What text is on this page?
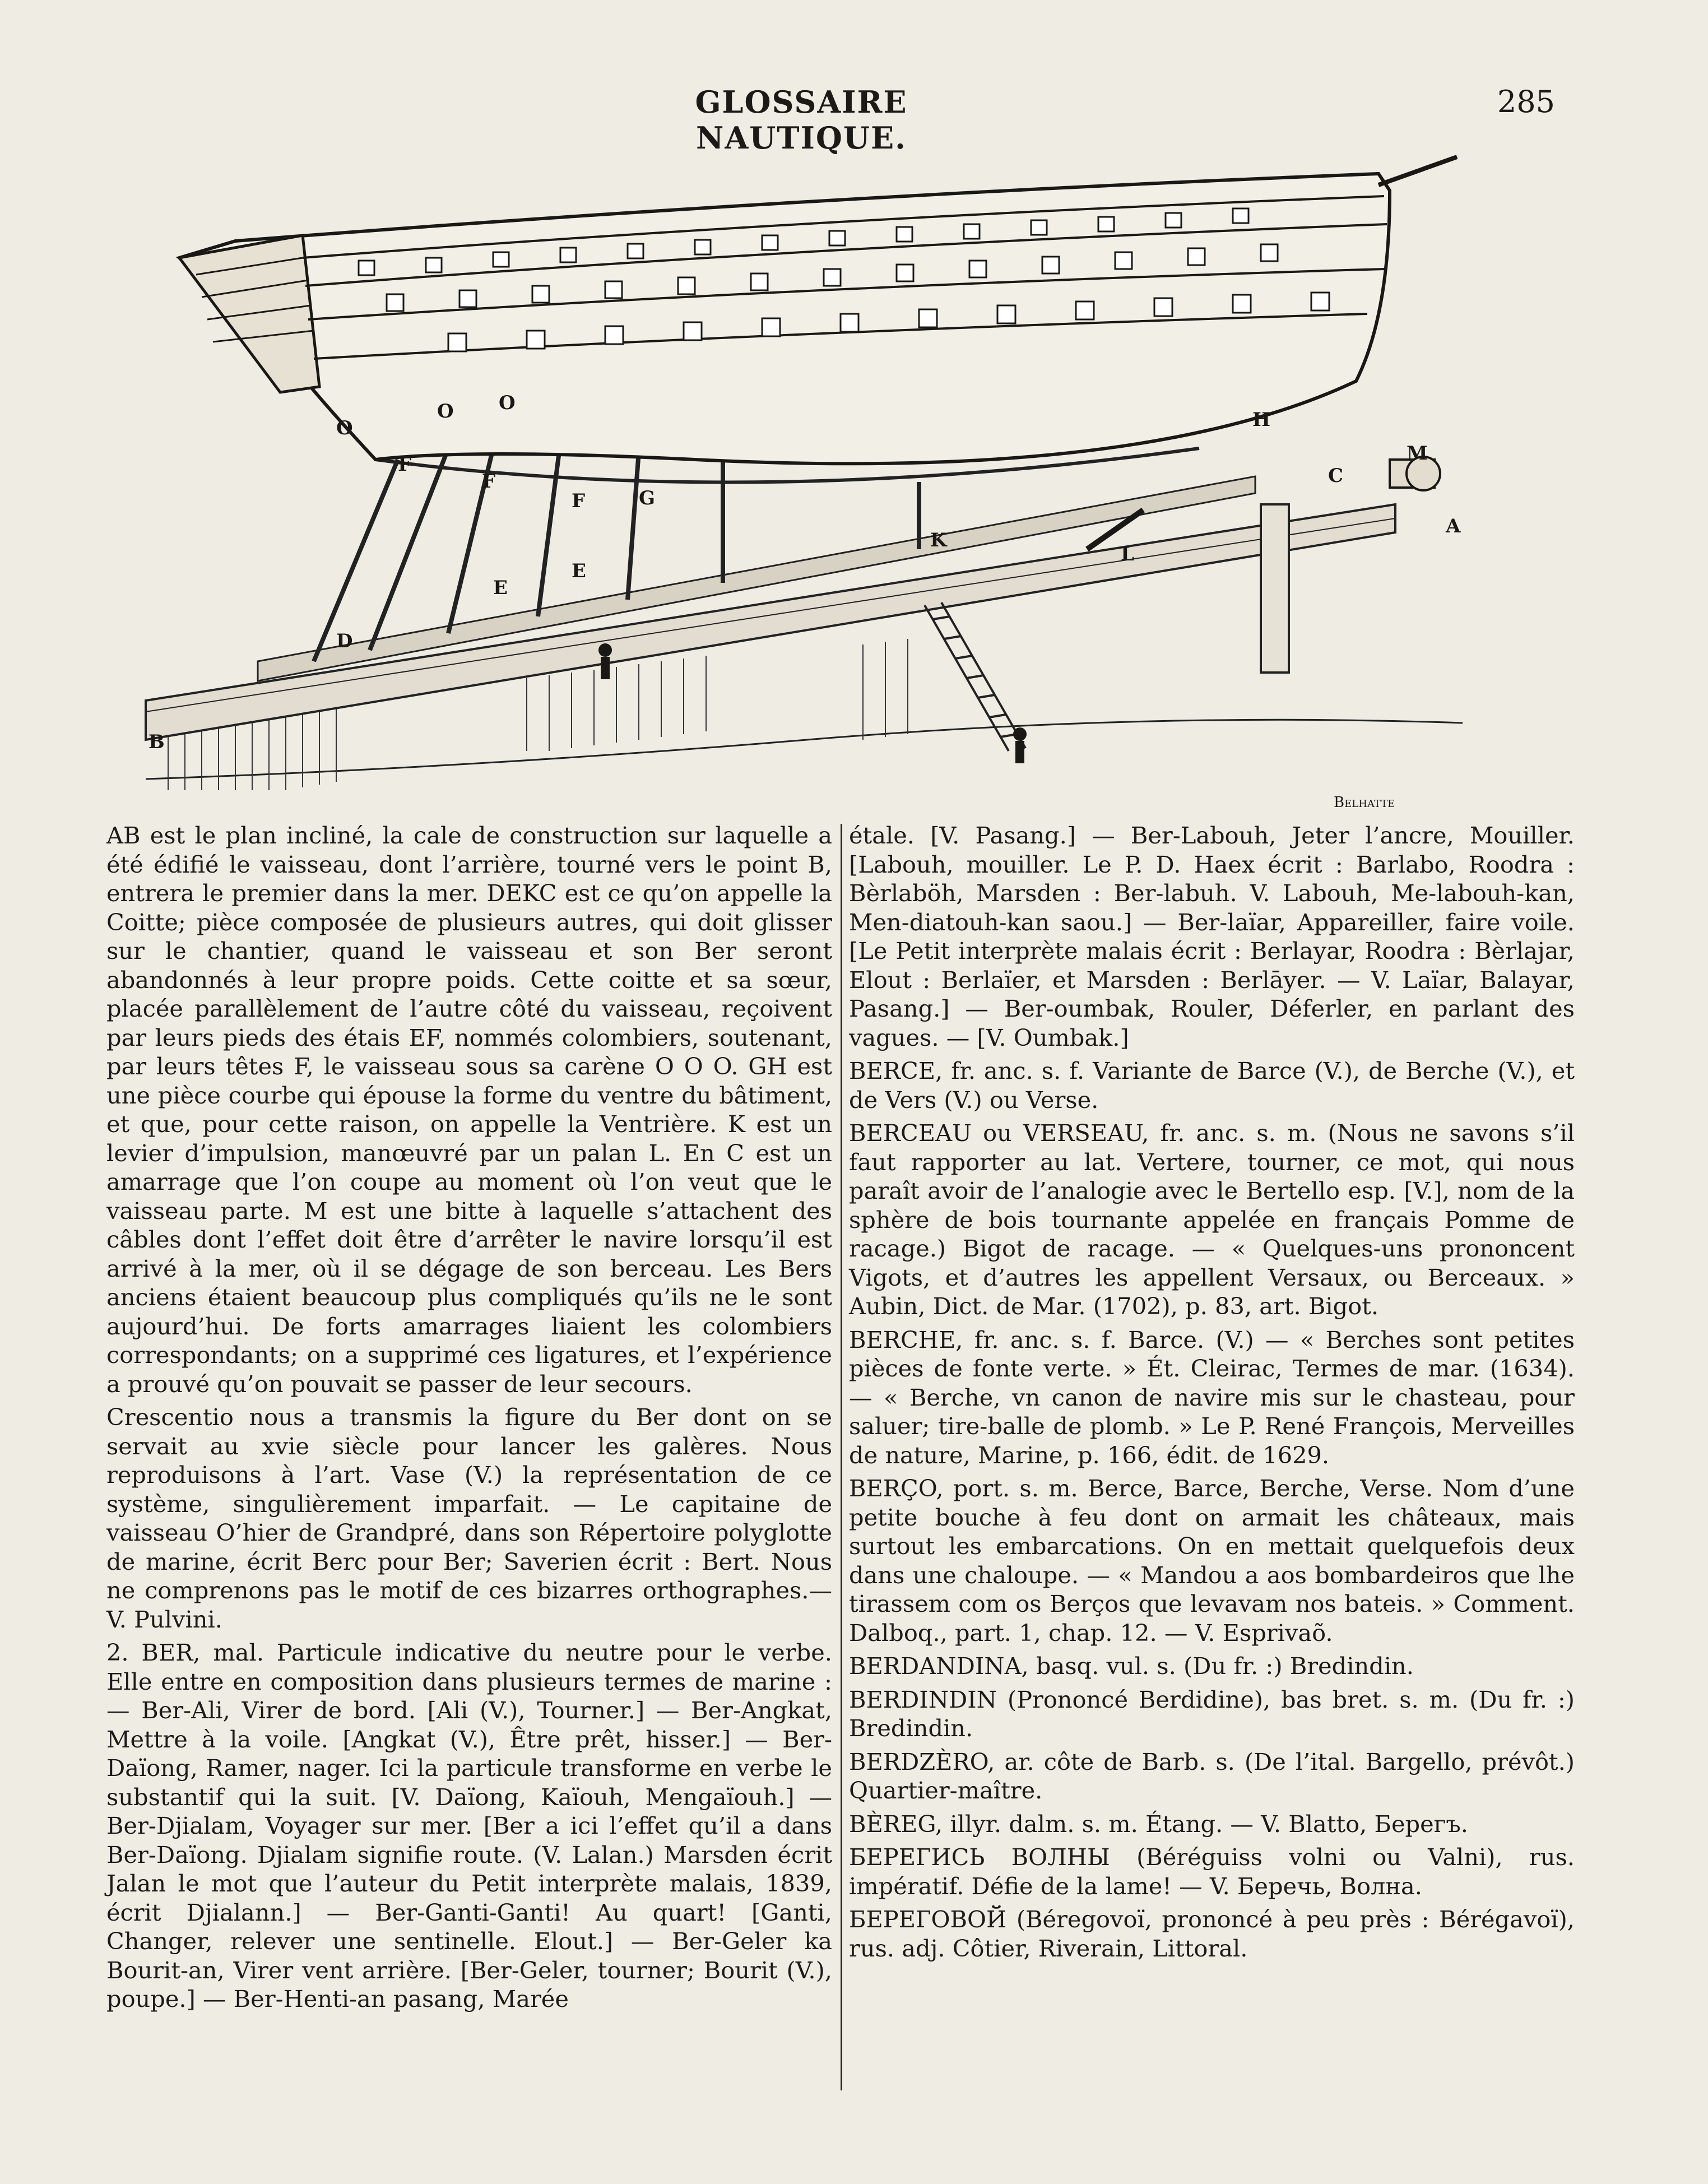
GLOSSAIRE NAUTIQUE.
285
O
O O
F
F
F	G
H
M
C
A
K
L
E
E
D
B
Belhatte

AB est le plan incliné, la cale de construction sur laquelle a été édifié le vaisseau, dont l’arrière, tourné vers le point B, entrera le premier dans la mer. DEKC est ce qu’on appelle la Coitte; pièce composée de plusieurs autres, qui doit glisser sur le chantier, quand le vaisseau et son Ber seront abandonnés à leur propre poids. Cette coitte et sa sœur, placée parallèlement de l’autre côté du vaisseau, reçoivent par leurs pieds des étais EF, nommés colombiers, soutenant, par leurs têtes F, le vaisseau sous sa carène O O O. GH est une pièce courbe qui épouse la forme du ventre du bâtiment, et que, pour cette raison, on appelle la Ventrière. K est un levier d’impulsion, manœuvré par un palan L. En C est un amarrage que l’on coupe au moment où l’on veut que le vaisseau parte. M est une bitte à laquelle s’attachent des câbles dont l’effet doit être d’arrêter le navire lorsqu’il est arrivé à la mer, où il se dégage de son berceau. Les Bers anciens étaient beaucoup plus compliqués qu’ils ne le sont aujourd’hui. De forts amarrages liaient les colombiers correspondants; on a supprimé ces ligatures, et l’expérience a prouvé qu’on pouvait se passer de leur secours.

Crescentio nous a transmis la figure du Ber dont on se servait au xvie siècle pour lancer les galères. Nous reproduisons à l’art. Vase (V.) la représentation de ce système, singulièrement imparfait. — Le capitaine de vaisseau O’hier de Grandpré, dans son Répertoire polyglotte de marine, écrit Berc pour Ber; Saverien écrit : Bert. Nous ne comprenons pas le motif de ces bizarres orthographes.—V. Pulvini.

2. BER, mal. Particule indicative du neutre pour le verbe. Elle entre en composition dans plusieurs termes de marine : — Ber-Ali, Virer de bord. [Ali (V.), Tourner.] — Ber-Angkat, Mettre à la voile. [Angkat (V.), Être prêt, hisser.] — Ber-Daïong, Ramer, nager. Ici la particule transforme en verbe le substantif qui la suit. [V. Daïong, Kaïouh, Mengaïouh.] — Ber-Djialam, Voyager sur mer. [Ber a ici l’effet qu’il a dans Ber-Daïong. Djialam signifie route. (V. Lalan.) Marsden écrit Jalan le mot que l’auteur du Petit interprète malais, 1839, écrit Djialann.] — Ber-Ganti-Ganti! Au quart! [Ganti, Changer, relever une sentinelle. Elout.] — Ber-Geler ka Bourit-an, Virer vent arrière. [Ber-Geler, tourner; Bourit (V.), poupe.] — Ber-Henti-an pasang, Marée

étale. [V. Pasang.] — Ber-Labouh, Jeter l’ancre, Mouiller. [Labouh, mouiller. Le P. D. Haex écrit : Barlabo, Roodra : Bèrlaböh, Marsden : Ber-labuh. V. Labouh, Me-labouh-kan, Men-diatouh-kan saou.] — Ber-laïar, Appareiller, faire voile. [Le Petit interprète malais écrit : Berlayar, Roodra : Bèrlajar, Elout : Berlaïer, et Marsden : Berlāyer. — V. Laïar, Balayar, Pasang.] — Ber-oumbak, Rouler, Déferler, en parlant des vagues. — [V. Oumbak.]

BERCE, fr. anc. s. f. Variante de Barce (V.), de Berche (V.), et de Vers (V.) ou Verse.

BERCEAU ou VERSEAU, fr. anc. s. m. (Nous ne savons s’il faut rapporter au lat. Vertere, tourner, ce mot, qui nous paraît avoir de l’analogie avec le Bertello esp. [V.], nom de la sphère de bois tournante appelée en français Pomme de racage.) Bigot de racage. — « Quelques-uns prononcent Vigots, et d’autres les appellent Versaux, ou Berceaux. » Aubin, Dict. de Mar. (1702), p. 83, art. Bigot.

BERCHE, fr. anc. s. f. Barce. (V.) — « Berches sont petites pièces de fonte verte. » Ét. Cleirac, Termes de mar. (1634). — « Berche, vn canon de navire mis sur le chasteau, pour saluer; tire-balle de plomb. » Le P. René François, Merveilles de nature, Marine, p. 166, édit. de 1629.

BERÇO, port. s. m. Berce, Barce, Berche, Verse. Nom d’une petite bouche à feu dont on armait les châteaux, mais surtout les embarcations. On en mettait quelquefois deux dans une chaloupe. — « Mandou a aos bombardeiros que lhe tirassem com os Berços que levavam nos bateis. » Comment. Dalboq., part. 1, chap. 12. — V. Esprivaõ.

BERDANDINA, basq. vul. s. (Du fr. :) Bredindin.

BERDINDIN (Prononcé Berdidine), bas bret. s. m. (Du fr. :) Bredindin.

BERDZÈRO, ar. côte de Barb. s. (De l’ital. Bargello, prévôt.) Quartier-maître.

BÈREG, illyr. dalm. s. m. Étang. — V. Blatto, Берегъ.

БЕРЕГИСЬ ВОЛНЫ (Béréguiss volni ou Valni), rus. impératif. Défie de la lame! — V. Беречь, Волна.

БЕРЕГОВОЙ (Béregovoï, prononcé à peu près : Bérégavoï), rus. adj. Côtier, Riverain, Littoral.
